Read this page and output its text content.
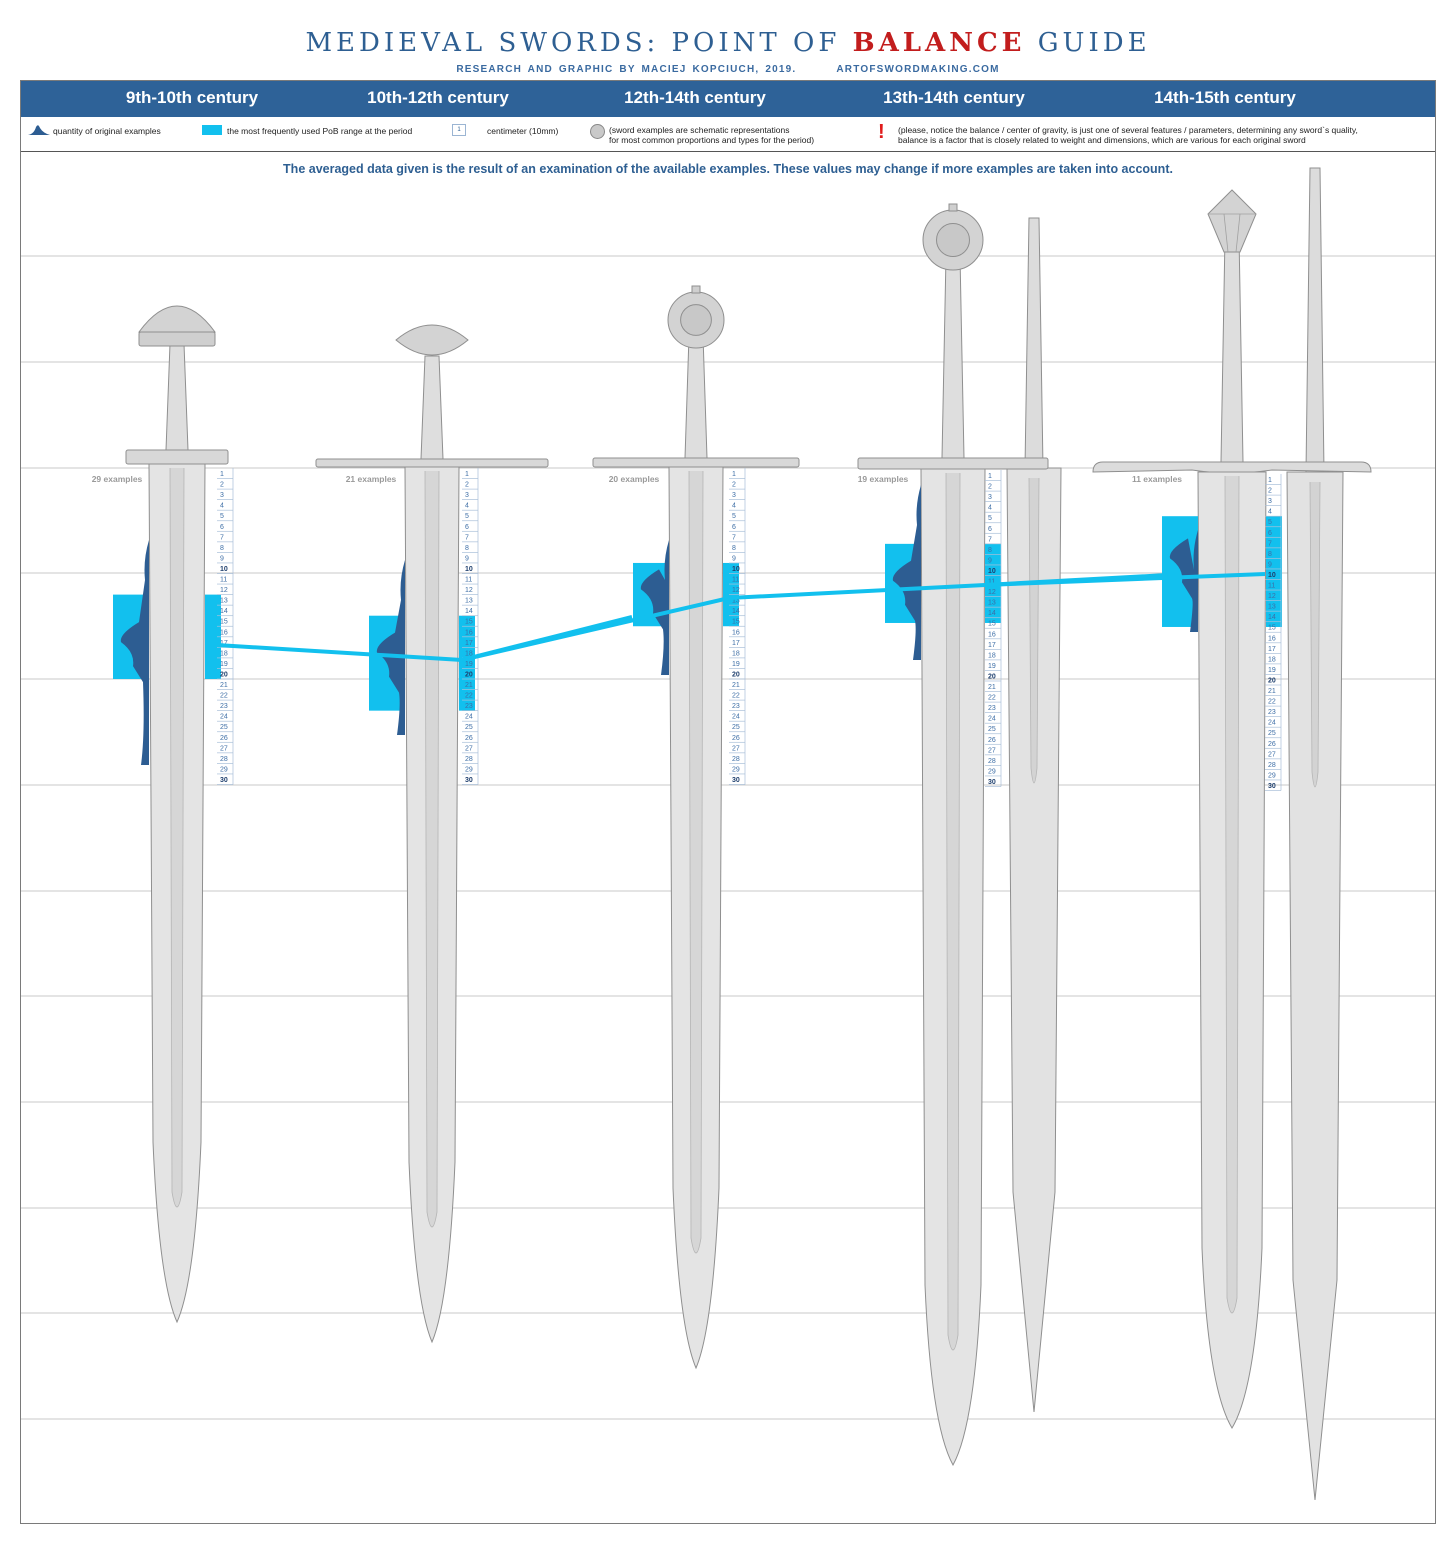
MEDIEVAL SWORDS: POINT OF BALANCE GUIDE
RESEARCH AND GRAPHIC BY MACIEJ KOPCIUCH, 2019.	ARTOFSWORDMAKING.COM
9th-10th century	10th-12th century	12th-14th century	13th-14th century	14th-15th century
quantity of original examples	the most frequently used PoB range at the period	1	centimeter (10mm)	(sword examples are schematic representations
for most common proportions and types for the period)	! (please, notice the balance / center of gravity, is just one of several features / parameters, determining any sword`s quality,
balance is a factor that is closely related to weight and dimensions, which are various for each original sword
The averaged data given is the result of an examination of the available examples. These values may change if more examples are taken into account.
29 examples	21 examples	20 examples	19 examples	11 examples
1
2
3
4
5
6
7
8
9
10
11
12
13
14
15
16
17
18
19
20
21
22
23
24
25
26
27
28
29
30
1
2
3
4
5
6
7
8
9
10
11
12
13
14
15
16
17
18
19
20
21
22
23
24
25
26
27
28
29
30
1
2
3
4
5
6
7
8
9
10
11
12
13
14
15
16
17
18
19
20
21
22
23
24
25
26
27
28
29
30
1
2
3
4
5
6
7
8
9
10
11
12
13
14
15
16
17
18
19
20
21
22
23
24
25
26
27
28
29
30
1
2
3
4
5
6
7
8
9
10
11
12
13
14
15
16
17
18
19
20
21
22
23
24
25
26
27
28
29
30
